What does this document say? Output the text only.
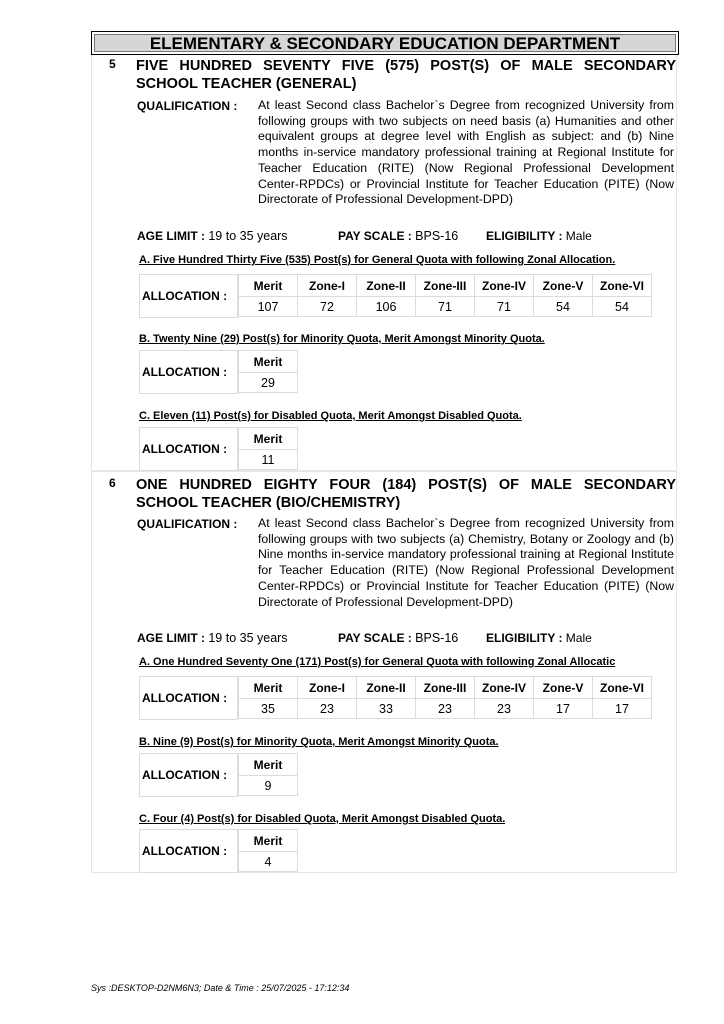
ELEMENTARY & SECONDARY EDUCATION DEPARTMENT
5 FIVE HUNDRED SEVENTY FIVE (575) POST(S) OF MALE SECONDARY SCHOOL TEACHER (GENERAL)
QUALIFICATION : At least Second class Bachelor`s Degree from recognized University from following groups with two subjects on need basis (a) Humanities and other equivalent groups at degree level with English as subject: and (b) Nine months in-service mandatory professional training at Regional Institute for Teacher Education (RITE) (Now Regional Professional Development Center-RPDCs) or Provincial Institute for Teacher Education (PITE) (Now Directorate of Professional Development-DPD)
AGE LIMIT : 19 to 35 years	PAY SCALE : BPS-16 ELIGIBILITY : Male
A. Five Hundred Thirty Five (535) Post(s) for General Quota with following Zonal Allocation.
ALLOCATION :
Merit	Zone-I	Zone-II	Zone-III	Zone-IV	Zone-V	Zone-VI
107	72	106	71	71	54	54
B. Twenty Nine (29) Post(s) for Minority Quota, Merit Amongst Minority Quota.
ALLOCATION :
Merit
29
C. Eleven (11) Post(s) for Disabled Quota, Merit Amongst Disabled Quota.
ALLOCATION :
Merit
11
6 ONE HUNDRED EIGHTY FOUR (184) POST(S) OF MALE SECONDARY SCHOOL TEACHER (BIO/CHEMISTRY)
QUALIFICATION : At least Second class Bachelor`s Degree from recognized University from following groups with two subjects (a) Chemistry, Botany or Zoology and (b) Nine months in-service mandatory professional training at Regional Institute for Teacher Education (RITE) (Now Regional Professional Development Center-RPDCs) or Provincial Institute for Teacher Education (PITE) (Now Directorate of Professional Development-DPD)
AGE LIMIT : 19 to 35 years	PAY SCALE : BPS-16 ELIGIBILITY : Male
A. One Hundred Seventy One (171) Post(s) for General Quota with following Zonal Allocatic
ALLOCATION :
Merit	Zone-I	Zone-II	Zone-III	Zone-IV	Zone-V	Zone-VI
35	23	33	23	23	17	17
B. Nine (9) Post(s) for Minority Quota, Merit Amongst Minority Quota.
ALLOCATION :
Merit
9
C. Four (4) Post(s) for Disabled Quota, Merit Amongst Disabled Quota.
ALLOCATION :
Merit
4
Sys :DESKTOP-D2NM6N3; Date & Time : 25/07/2025 - 17:12:34
